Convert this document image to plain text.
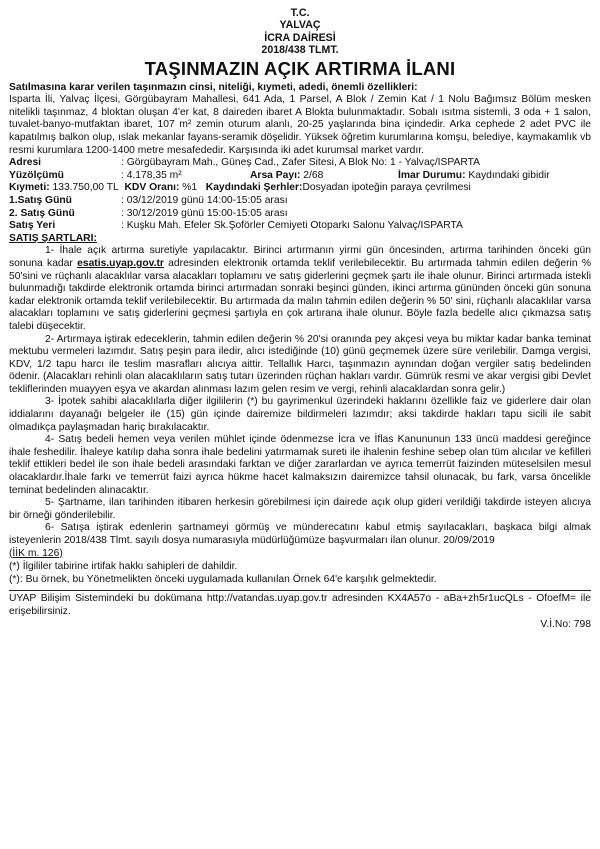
T.C.
YALVAÇ
İCRA DAİRESİ
2018/438 TLMT.
TAŞINMAZIN AÇIK ARTIRMA İLANI
Satılmasına karar verilen taşınmazın cinsi, niteliği, kıymeti, adedi, önemli özellikleri:
Isparta İli, Yalvaç İlçesi, Görgübayram Mahallesi, 641 Ada, 1 Parsel, A Blok / Zemin Kat / 1 Nolu Bağımsız Bölüm mesken nitelikli taşınmaz, 4 bloktan oluşan 4'er kat, 8 daireden ibaret A Blokta bulunmaktadır. Sobalı ısıtma sistemli, 3 oda + 1 salon, tuvalet-banyo-mutfaktan ibaret, 107 m² zemin oturum alanlı, 20-25 yaşlarında bina içindedir. Arka cephede 2 adet PVC ile kapatılmış balkon olup, ıslak mekanlar fayans-seramik döşelidir. Yüksek öğretim kurumlarına komşu, belediye, kaymakamlık vb resmi kurumlara 1200-1400 metre mesafededir. Karşısında iki adet kurumsal market vardır.
Adresi	: Görgübayram Mah., Güneş Cad., Zafer Sitesi, A Blok No: 1 - Yalvaç/ISPARTA
Yüzölçümü	: 4.178,35 m²	Arsa Payı: 2/68	İmar Durumu: Kaydındaki gibidir
Kıymeti: 133.750,00 TL KDV Oranı: %1 Kaydındaki Şerhler:Dosyadan ipoteğin paraya çevrilmesi
1.Satış Günü	: 03/12/2019 günü 14:00-15:05 arası
2. Satış Günü	: 30/12/2019 günü 15:00-15:05 arası
Satış Yeri	: Kuşku Mah. Efeler Sk.Şoförler Cemiyeti Otoparkı Salonu Yalvaç/ISPARTA
SATIŞ ŞARTLARI:
1- İhale açık artırma suretiyle yapılacaktır. Birinci artırmanın yirmi gün öncesinden, artırma tarihinden önceki gün sonuna kadar esatis.uyap.gov.tr adresinden elektronik ortamda teklif verilebilecektir. Bu artırmada tahmin edilen değerin % 50'sini ve rüçhanlı alacaklılar varsa alacakları toplamını ve satış giderlerini geçmek şartı ile ihale olunur. Birinci artırmada istekli bulunmadığı takdirde elektronik ortamda birinci artırmadan sonraki beşinci günden, ikinci artırma gününden önceki gün sonuna kadar elektronik ortamda teklif verilebilecektir. Bu artırmada da malın tahmin edilen değerin % 50' sini, rüçhanlı alacaklılar varsa alacakları toplamını ve satış giderlerini geçmesi şartıyla en çok artırana ihale olunur. Böyle fazla bedelle alıcı çıkmazsa satış talebi düşecektir.
2- Artırmaya iştirak edeceklerin, tahmin edilen değerin % 20'si oranında pey akçesi veya bu miktar kadar banka teminat mektubu vermeleri lazımdır. Satış peşin para iledir, alıcı istediğinde (10) günü geçmemek üzere süre verilebilir. Damga vergisi, KDV, 1/2 tapu harcı ile teslim masrafları alıcıya aittir. Tellallık Harcı, taşınmazın aynından doğan vergiler satış bedelinden ödenir. (Alacakları rehinli olan alacaklıların satış tutarı üzerinden rüçhan hakları vardır. Gümrük resmi ve akar vergisi gibi Devlet tekliflerinden muayyen eşya ve akardan alınması lazım gelen resim ve vergi, rehinli alacaklardan sonra gelir.)
3- İpotek sahibi alacaklılarla diğer ilgililerin (*) bu gayrimenkul üzerindeki haklarını özellikle faiz ve giderlere dair olan iddialarını dayanağı belgeler ile (15) gün içinde dairemize bildirmeleri lazımdır; aksi takdirde hakları tapu sicili ile sabit olmadıkça paylaşmadan hariç bırakılacaktır.
4- Satış bedeli hemen veya verilen mühlet içinde ödenmezse İcra ve İflas Kanununun 133 üncü maddesi gereğince ihale feshedilir. İhaleye katılıp daha sonra ihale bedelini yatırmamak sureti ile ihalenin feshine sebep olan tüm alıcılar ve kefilleri teklif ettikleri bedel ile son ihale bedeli arasındaki farktan ve diğer zararlardan ve ayrıca temerrüt faizinden müteselsilen mesul olacaklardır.İhale farkı ve temerrüt faizi ayrıca hükme hacet kalmaksızın dairemizce tahsil olunacak, bu fark, varsa öncelikle teminat bedelinden alınacaktır.
5- Şartname, ilan tarihinden itibaren herkesin görebilmesi için dairede açık olup gideri verildiği takdirde isteyen alıcıya bir örneği gönderilebilir.
6- Satışa iştirak edenlerin şartnameyi görmüş ve münderecatını kabul etmiş sayılacakları, başkaca bilgi almak isteyenlerin 2018/438 Tlmt. sayılı dosya numarasıyla müdürlüğümüze başvurmaları ilan olunur. 20/09/2019
(İİK m. 126)
(*) İlgililer tabirine irtifak hakkı sahipleri de dahildir.
(*): Bu örnek, bu Yönetmelikten önceki uygulamada kullanılan Örnek 64'e karşılık gelmektedir.
UYAP Bilişim Sistemindeki bu dokümana http://vatandas.uyap.gov.tr adresinden KX4A57o - aBa+zh5r1ucQLs - OfoefM= ile erişebilirsiniz.
V.İ.No: 798
